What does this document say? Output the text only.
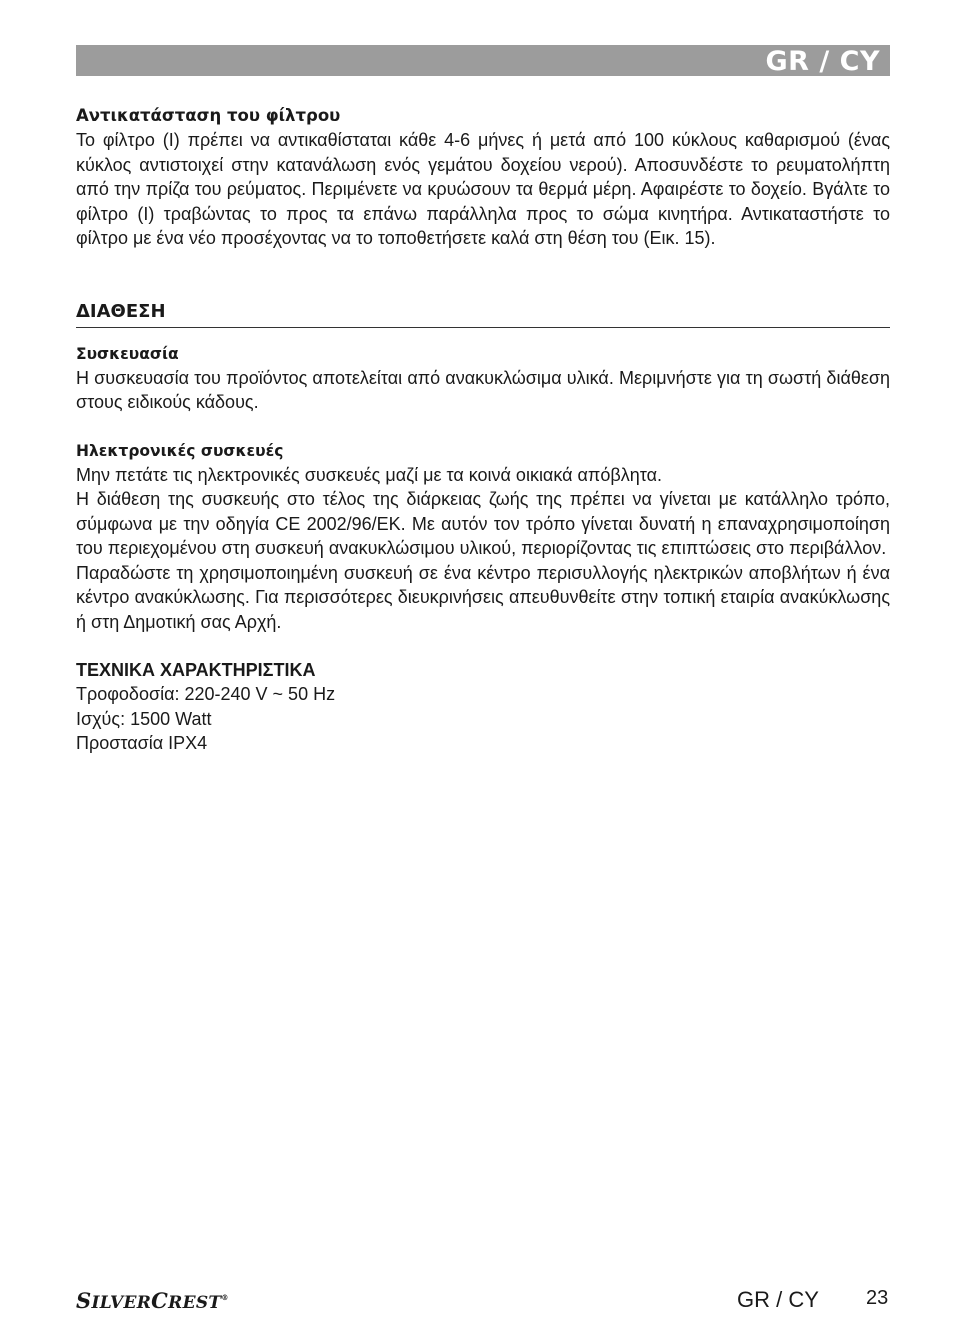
GR / CY
Αντικατάσταση του φίλτρου

Το φίλτρο (I) πρέπει να αντικαθίσταται κάθε 4-6 μήνες ή μετά από 100 κύκλους καθαρισμού (ένας κύκλος αντιστοιχεί στην κατανάλωση ενός γεμάτου δοχείου νερού). Αποσυνδέστε το ρευματολήπτη από την πρίζα του ρεύματος. Περιμένετε να κρυώσουν τα θερμά μέρη. Αφαιρέστε το δοχείο. Βγάλτε το φίλτρο (I) τραβώντας το προς τα επάνω παράλληλα προς το σώμα κινητήρα. Αντικαταστήστε το φίλτρο με ένα νέο προσέχοντας να το τοποθετήσετε καλά στη θέση του (Εικ. 15).

ΔΙΑΘΕΣΗ
Συσκευασία

Η συσκευασία του προϊόντος αποτελείται από ανακυκλώσιμα υλικά. Μεριμνήστε για τη σωστή διάθεση στους ειδικούς κάδους.

Ηλεκτρονικές συσκευές

Μην πετάτε τις ηλεκτρονικές συσκευές μαζί με τα κοινά οικιακά απόβλητα.

Η διάθεση της συσκευής στο τέλος της διάρκειας ζωής της πρέπει να γίνεται με κατάλληλο τρόπο, σύμφωνα με την οδηγία CE 2002/96/ΕΚ. Με αυτόν τον τρόπο γίνεται δυνατή η επαναχρησιμοποίηση του περιεχομένου στη συσκευή ανακυκλώσιμου υλικού, περιορίζοντας τις επιπτώσεις στο περιβάλλον.

Παραδώστε τη χρησιμοποιημένη συσκευή σε ένα κέντρο περισυλλογής ηλεκτρικών αποβλήτων ή ένα κέντρο ανακύκλωσης. Για περισσότερες διευκρινήσεις απευθυνθείτε στην τοπική εταιρία ανακύκλωσης ή στη Δημοτική σας Αρχή.

ΤΕΧΝΙΚΑ ΧΑΡΑΚΤΗΡΙΣΤΙΚΑ

Τροφοδοσία: 220-240 V ~ 50 Hz

Ισχύς: 1500 Watt

Προστασία IPX4

SILVERCREST®	GR / CY 23
